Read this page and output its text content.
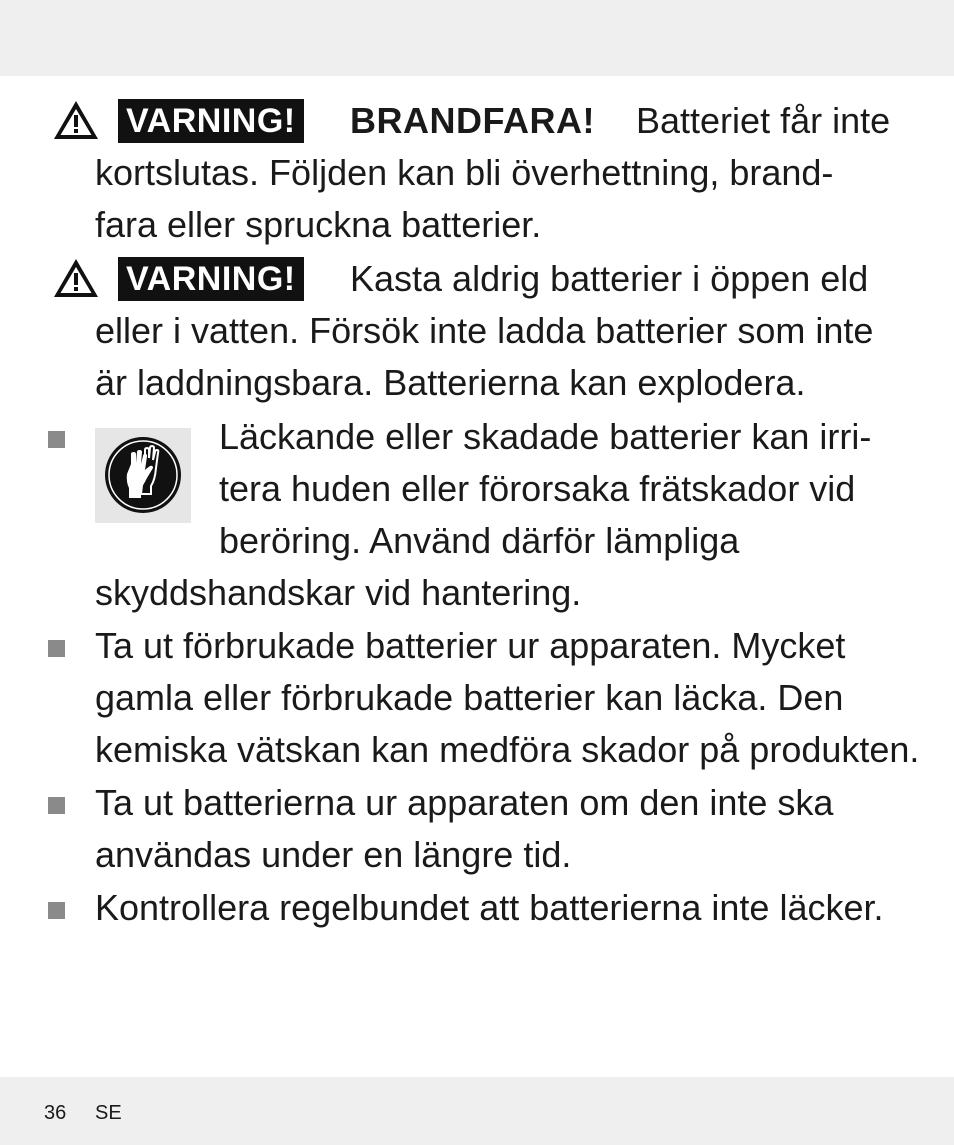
VARNING! BRANDFARA! Batteriet får inte
kortslutas. Följden kan bli överhettning, brand-
fara eller spruckna batterier.
VARNING! Kasta aldrig batterier i öppen eld
eller i vatten. Försök inte ladda batterier som inte
är laddningsbara. Batterierna kan explodera.
Läckande eller skadade batterier kan irri-
tera huden eller förorsaka frätskador vid
beröring. Använd därför lämpliga
skyddshandskar vid hantering.
Ta ut förbrukade batterier ur apparaten. Mycket
gamla eller förbrukade batterier kan läcka. Den
kemiska vätskan kan medföra skador på produkten.
Ta ut batterierna ur apparaten om den inte ska
användas under en längre tid.
Kontrollera regelbundet att batterierna inte läcker.
36 SE
